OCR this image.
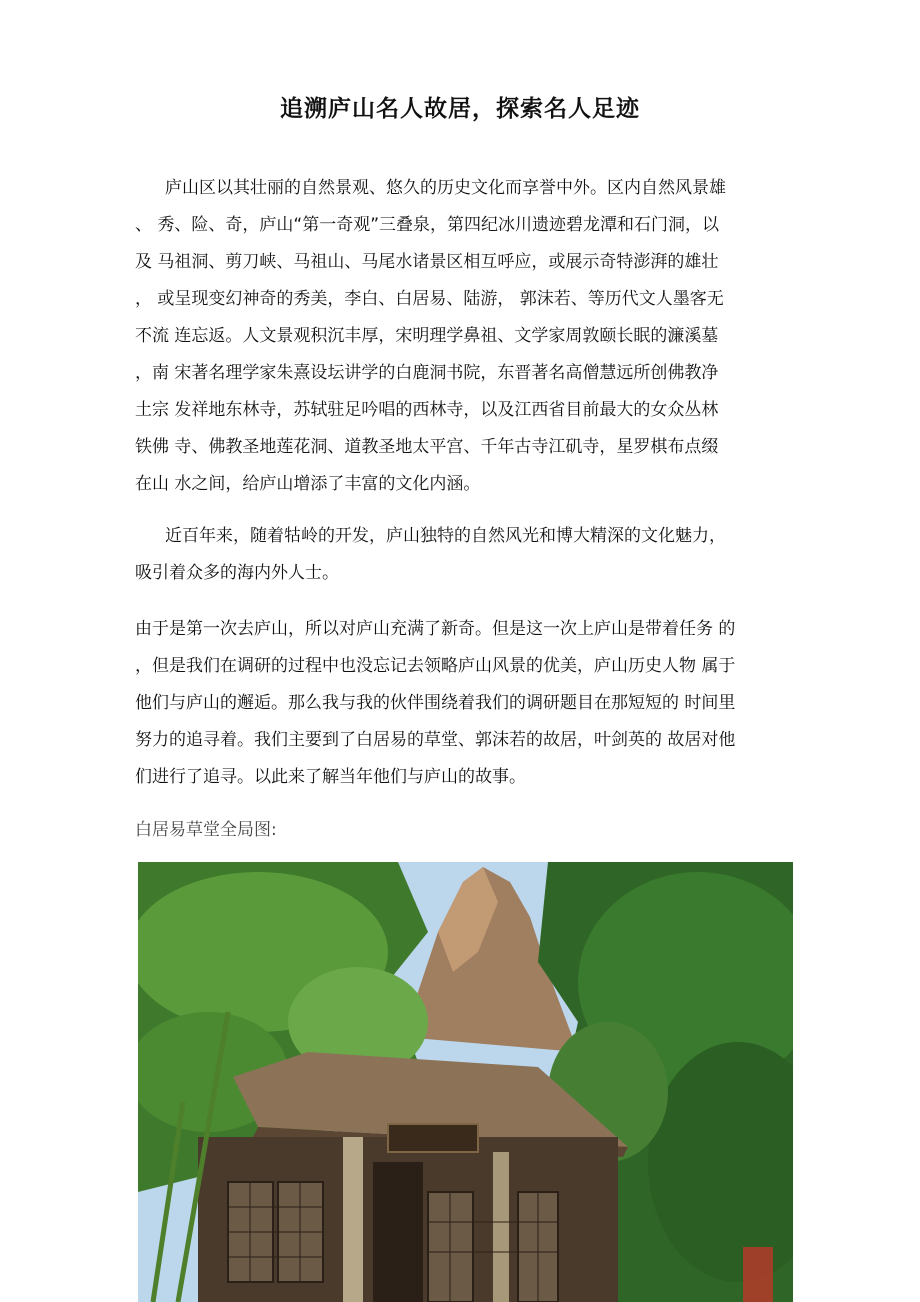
追溯庐山名人故居，探索名人足迹
庐山区以其壮丽的自然景观、悠久的历史文化而享誉中外。区内自然风景雄
、 秀、险、奇，庐山“第一奇观”三叠泉，第四纪冰川遗迹碧龙潭和石门洞，以
及 马祖洞、剪刀峡、马祖山、马尾水诸景区相互呼应，或展示奇特澎湃的雄壮
， 或呈现变幻神奇的秀美，李白、白居易、陆游， 郭沫若、等历代文人墨客无
不流 连忘返。人文景观积沉丰厚，宋明理学鼻祖、文学家周敦颐长眠的濂溪墓
，南 宋著名理学家朱熹设坛讲学的白鹿洞书院，东晋著名高僧慧远所创佛教净
土宗 发祥地东林寺，苏轼驻足吟唱的西林寺，以及江西省目前最大的女众丛林
铁佛 寺、佛教圣地莲花洞、道教圣地太平宫、千年古寺江矶寺，星罗棋布点缀
在山 水之间，给庐山增添了丰富的文化内涵。
近百年来，随着牯岭的开发，庐山独特的自然风光和博大精深的文化魅力，
吸引着众多的海内外人士。
由于是第一次去庐山，所以对庐山充满了新奇。但是这一次上庐山是带着任务 的
，但是我们在调研的过程中也没忘记去领略庐山风景的优美，庐山历史人物 属于
他们与庐山的邂逅。那么我与我的伙伴围绕着我们的调研题目在那短短的 时间里
努力的追寻着。我们主要到了白居易的草堂、郭沫若的故居，叶剑英的 故居对他
们进行了追寻。以此来了解当年他们与庐山的故事。
白居易草堂全局图:
